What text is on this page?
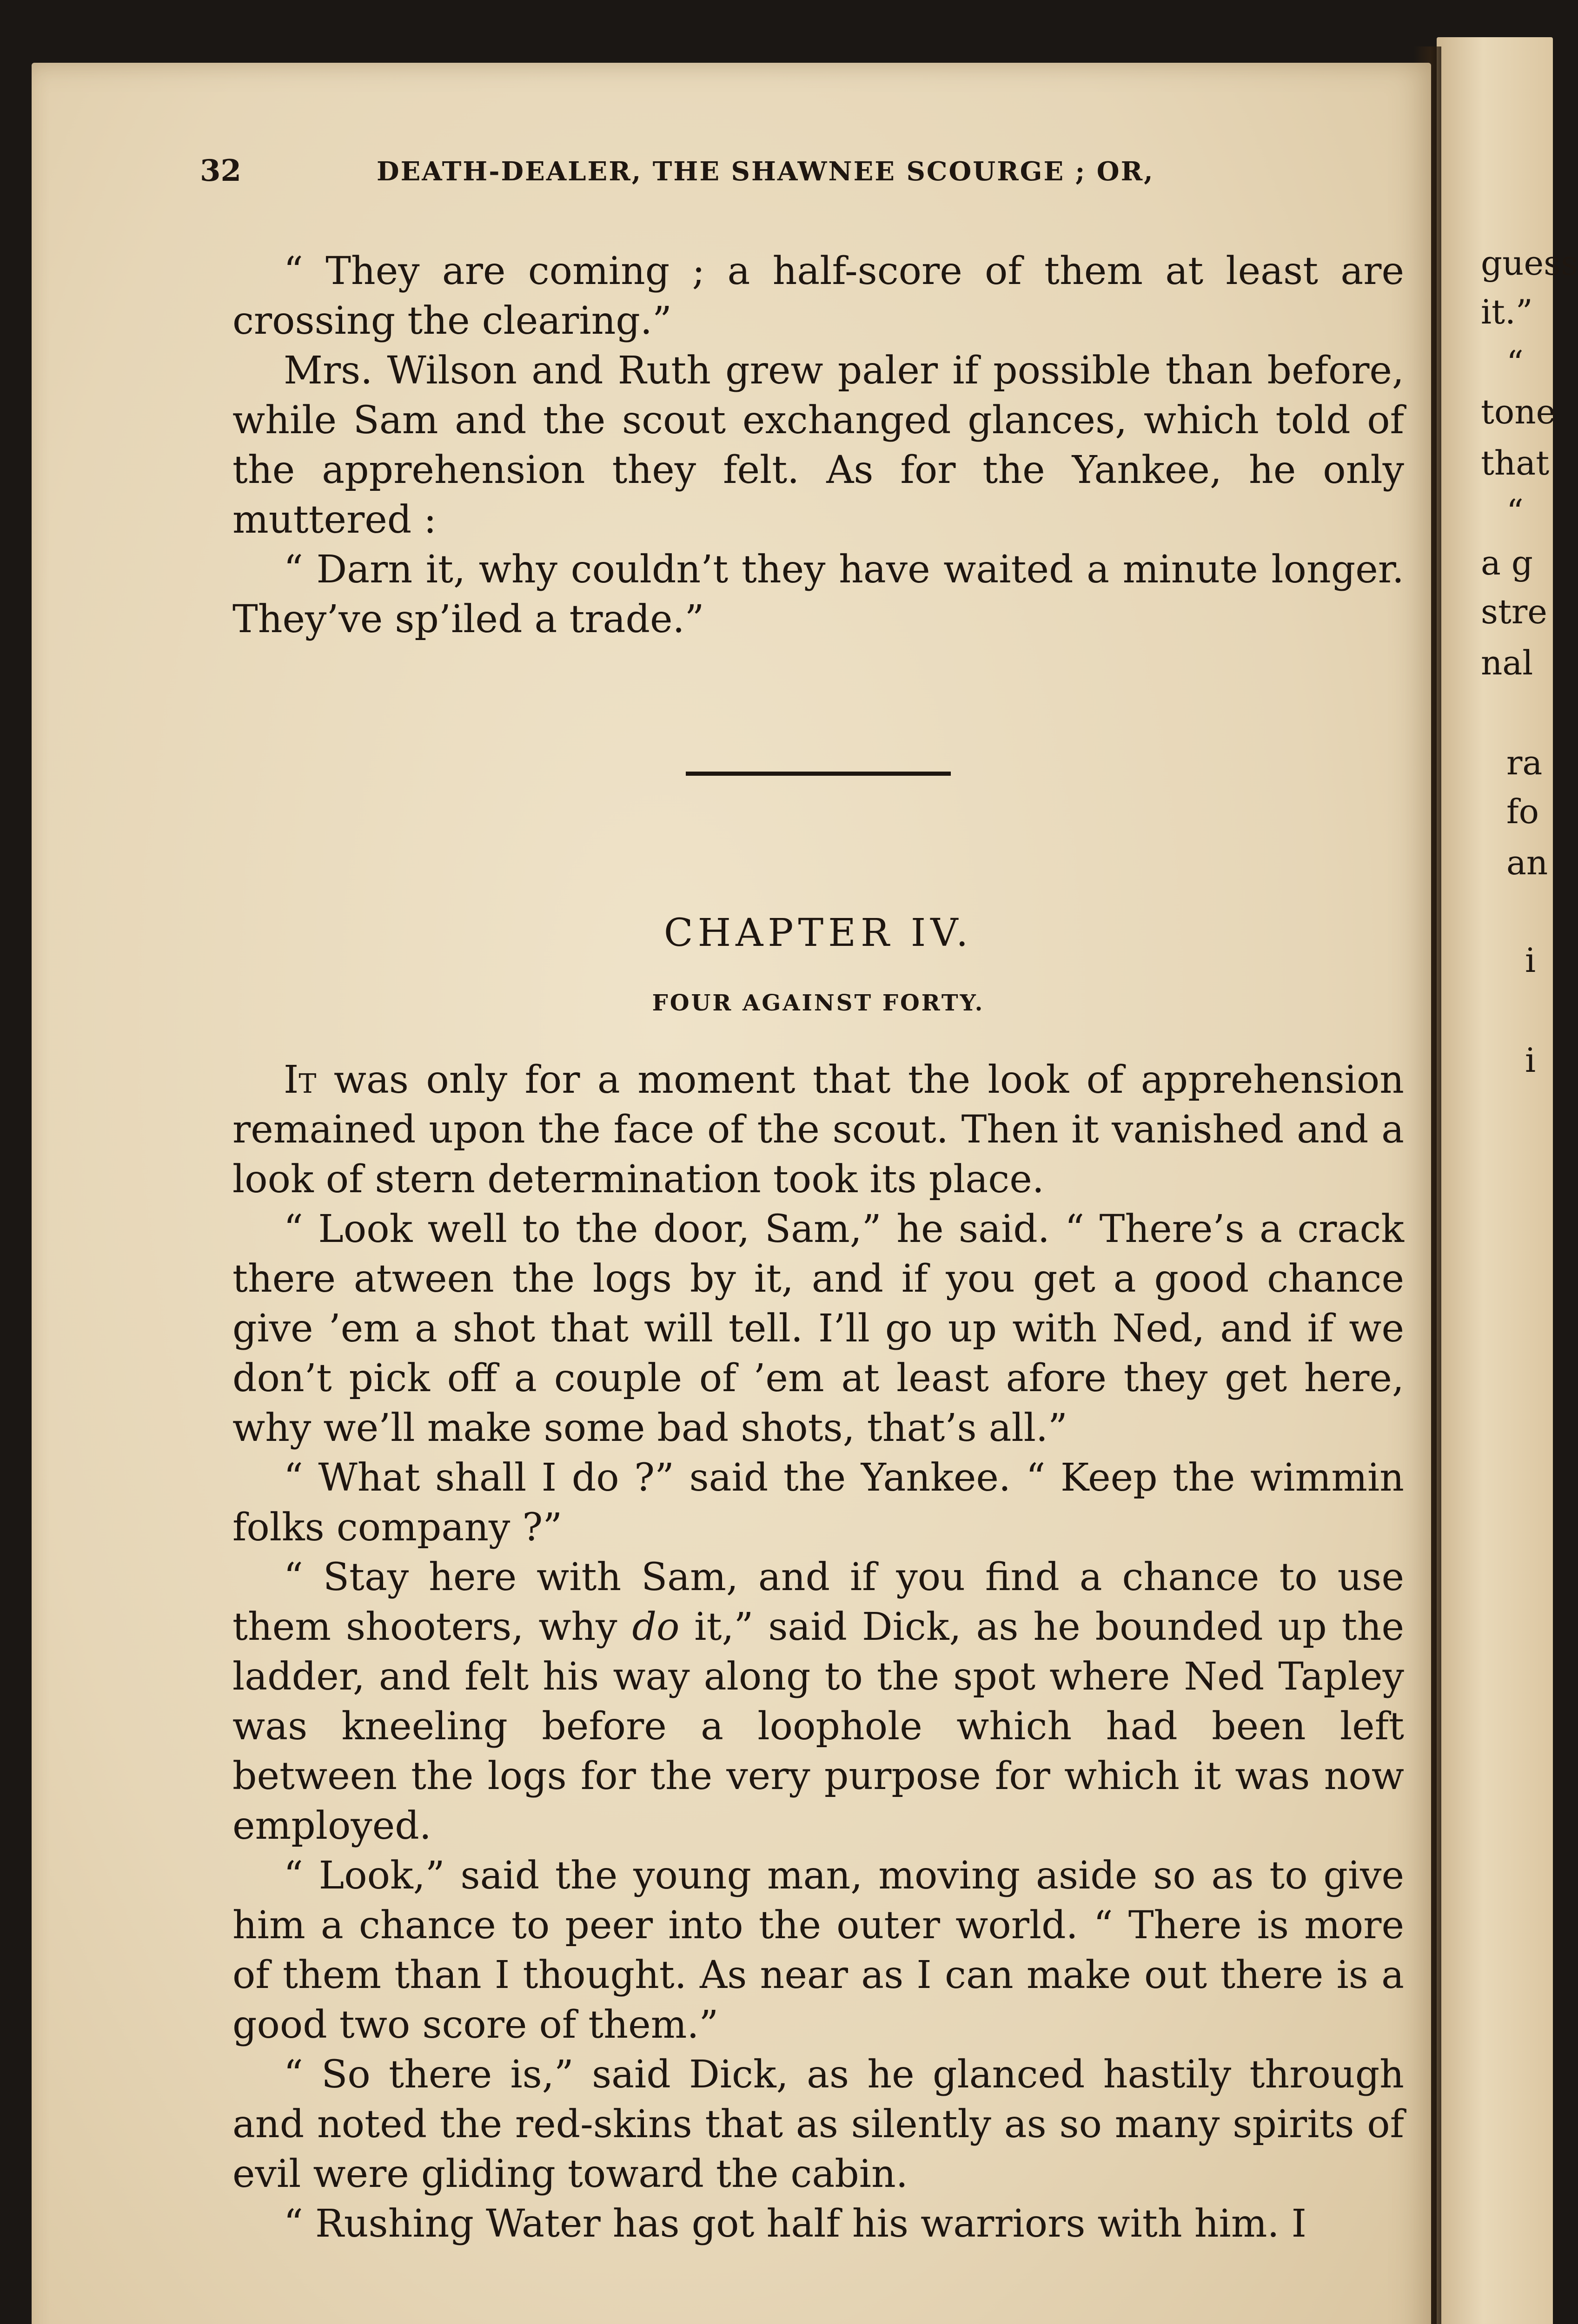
guess
it.”
“
tone
that
“
a g
stre
nal
ra
fo
an
i
i
32	DEATH-DEALER, THE SHAWNEE SCOURGE ; OR,

“ They are coming ; a half-score of them at least are crossing the clearing.”

Mrs. Wilson and Ruth grew paler if possible than before, while Sam and the scout exchanged glances, which told of the apprehension they felt. As for the Yankee, he only muttered :

“ Darn it, why couldn’t they have waited a minute longer. They’ve sp’iled a trade.”

CHAPTER IV.
FOUR AGAINST FORTY.

It was only for a moment that the look of apprehension remained upon the face of the scout. Then it vanished and a look of stern determination took its place.

“ Look well to the door, Sam,” he said. “ There’s a crack there atween the logs by it, and if you get a good chance give ’em a shot that will tell. I’ll go up with Ned, and if we don’t pick off a couple of ’em at least afore they get here, why we’ll make some bad shots, that’s all.”

“ What shall I do ?” said the Yankee. “ Keep the wimmin folks company ?”

“ Stay here with Sam, and if you find a chance to use them shooters, why do it,” said Dick, as he bounded up the ladder, and felt his way along to the spot where Ned Tapley was kneeling before a loophole which had been left between the logs for the very purpose for which it was now employed.

“ Look,” said the young man, moving aside so as to give him a chance to peer into the outer world. “ There is more of them than I thought. As near as I can make out there is a good two score of them.”

“ So there is,” said Dick, as he glanced hastily through and noted the red-skins that as silently as so many spirits of evil were gliding toward the cabin.

“ Rushing Water has got half his warriors with him. I
